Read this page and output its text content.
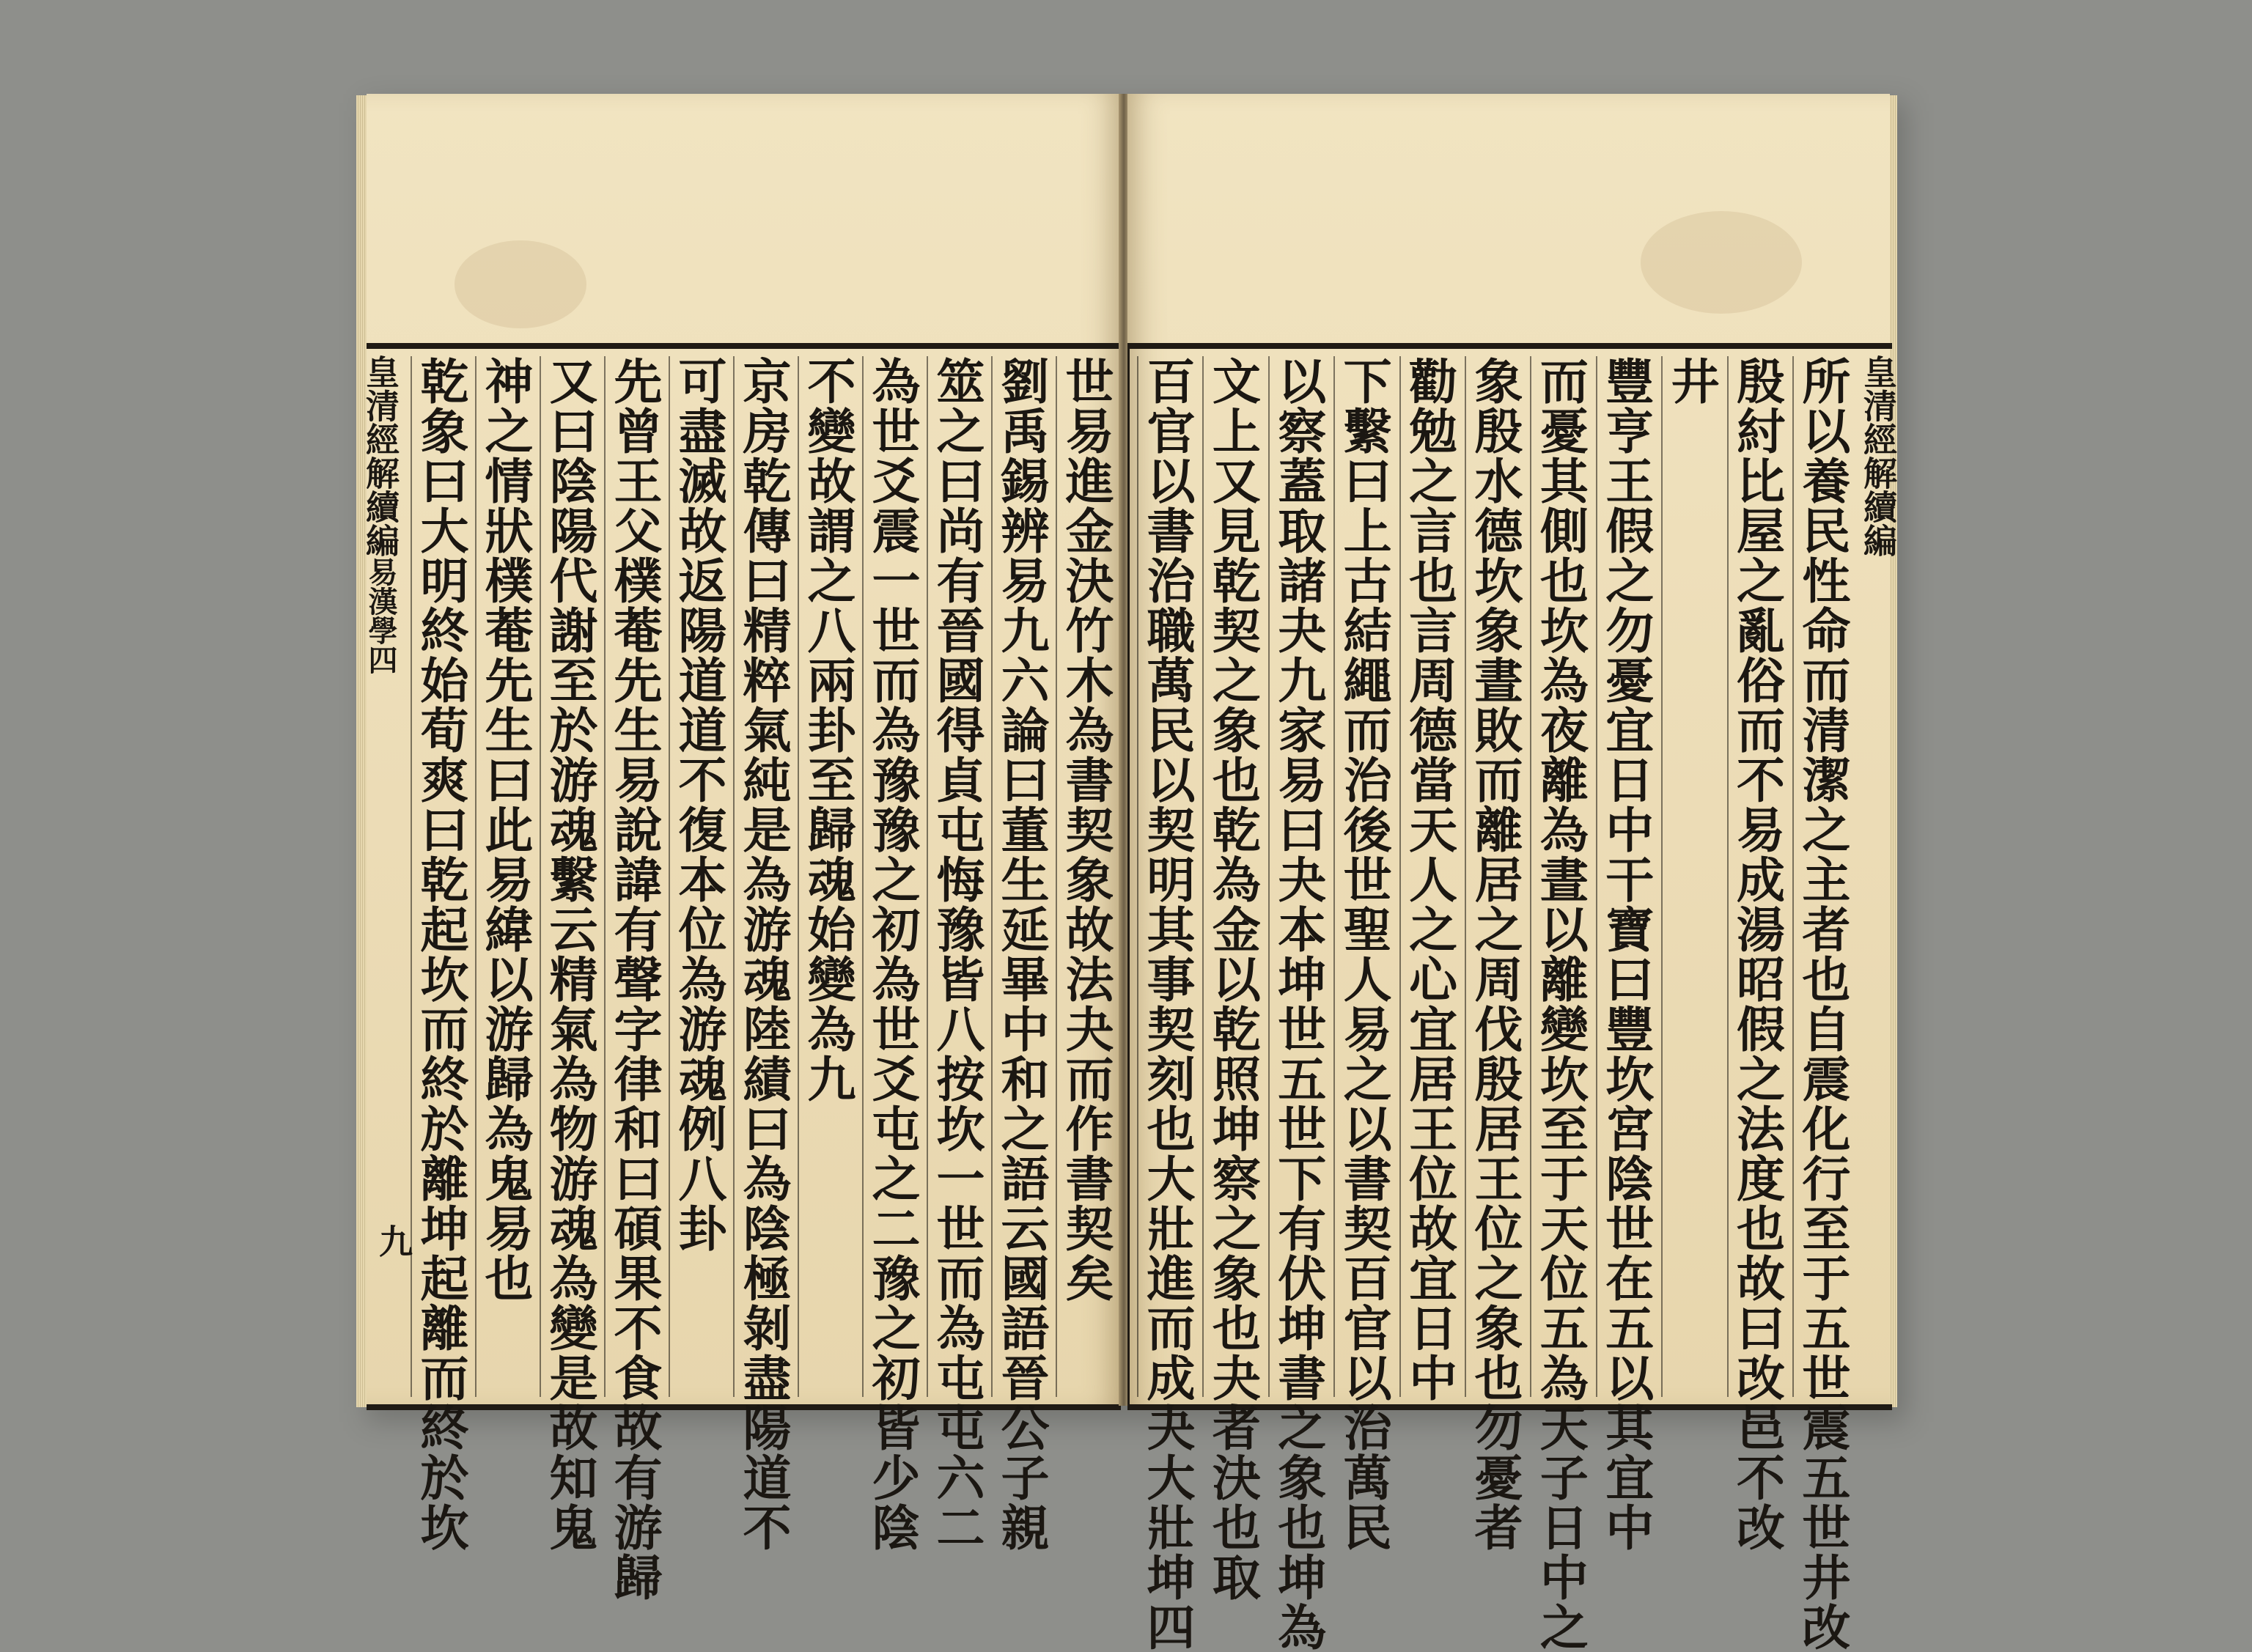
皇清經解續編易漢學四
九	世易進金決竹木為書契象故法夬而作書契矣
劉禹錫辨易九六論曰董生延畢中和之語云國語晉公子親
筮之曰尚有晉國得貞屯悔豫皆八按坎一世而為屯屯六二
為世爻震一世而為豫豫之初為世爻屯之二豫之初皆少陰
不變故謂之八兩卦至歸魂始變為九
京房乾傳曰精粹氣純是為游魂陸績曰為陰極剝盡陽道不
可盡滅故返陽道道不復本位為游魂例八卦
先曾王父樸菴先生易說諱有聲字律和曰碩果不食故有游歸
又曰陰陽代謝至於游魂繫云精氣為物游魂為變是故知鬼
神之情狀樸菴先生曰此易緯以游歸為鬼易也
乾象曰大明終始荀爽曰乾起坎而終於離坤起離而終於坎	皇清經解續編
所以養民性命而清潔之主者也自震化行至于五世震五世井改
殷紂比屋之亂俗而不易成湯昭假之法度也故曰改邑不改
井
豐亨王假之勿憂宜日中干寶曰豐坎宮陰世在五以其宜中
而憂其側也坎為夜離為晝以離變坎至于天位五為天子日中之
象殷水德坎象晝敗而離居之周伐殷居王位之象也勿憂者
勸勉之言也言周德當天人之心宜居王位故宜日中
下繫曰上古結繩而治後世聖人易之以書契百官以治萬民
以察蓋取諸夬九家易曰夬本坤世五世下有伏坤書之象也坤為
文上又見乾契之象也乾為金以乾照坤察之象也夬者決也取
百官以書治職萬民以契明其事契刻也大壯進而成夬大壯坤四
